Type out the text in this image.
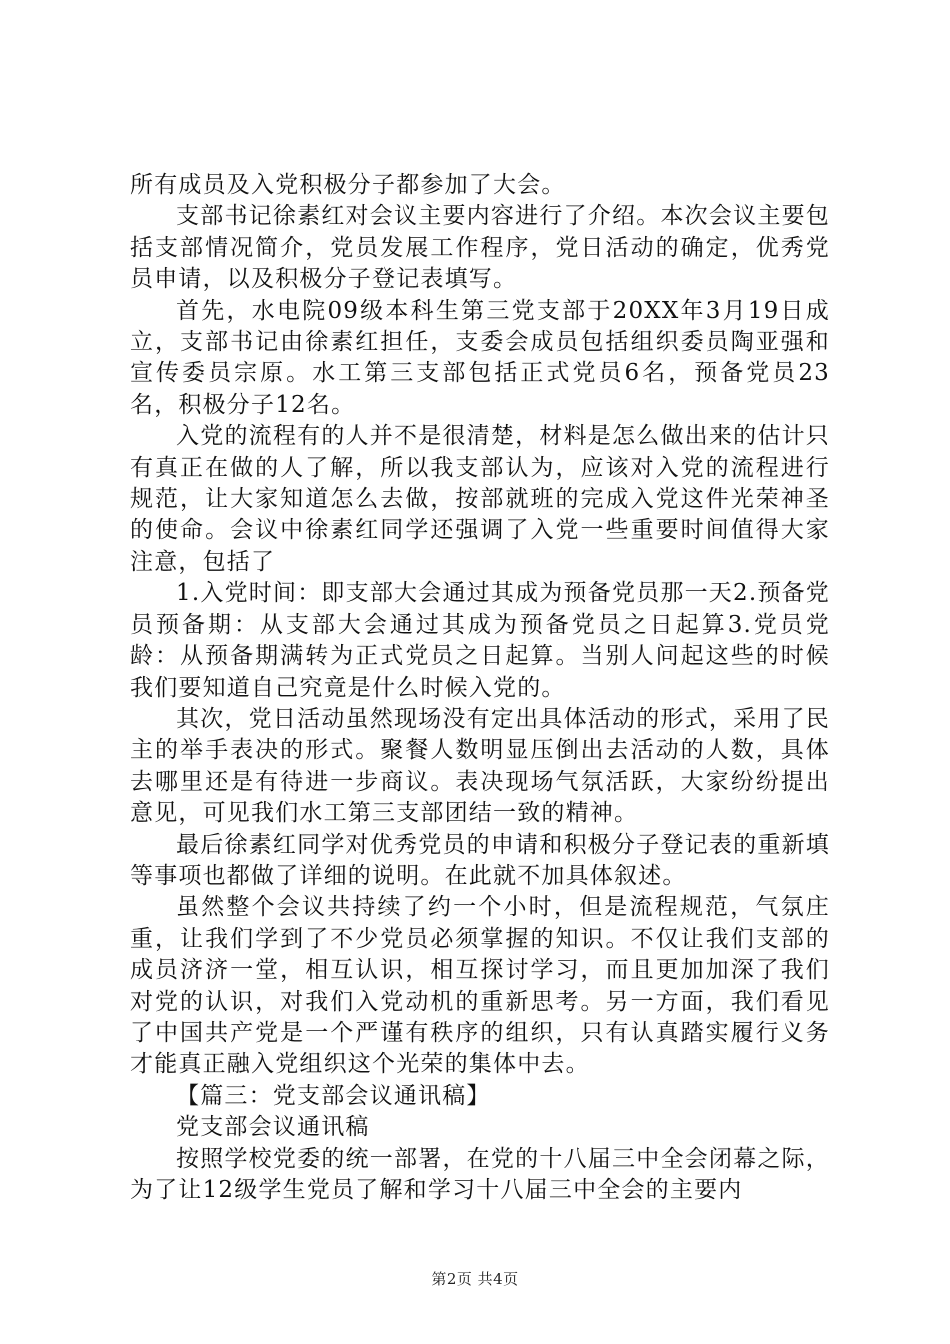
所有成员及入党积极分子都参加了大会。

支部书记徐素红对会议主要内容进行了介绍。本次会议主要包括支部情况简介，党员发展工作程序，党日活动的确定，优秀党员申请，以及积极分子登记表填写。

首先，水电院09级本科生第三党支部于20XX年3月19日成立，支部书记由徐素红担任，支委会成员包括组织委员陶亚强和宣传委员宗原。水工第三支部包括正式党员6名，预备党员23名，积极分子12名。

入党的流程有的人并不是很清楚，材料是怎么做出来的估计只有真正在做的人了解，所以我支部认为，应该对入党的流程进行规范，让大家知道怎么去做，按部就班的完成入党这件光荣神圣的使命。会议中徐素红同学还强调了入党一些重要时间值得大家注意，包括了

1.入党时间：即支部大会通过其成为预备党员那一天2.预备党员预备期：从支部大会通过其成为预备党员之日起算3.党员党龄：从预备期满转为正式党员之日起算。当别人问起这些的时候我们要知道自己究竟是什么时候入党的。

其次，党日活动虽然现场没有定出具体活动的形式，采用了民主的举手表决的形式。聚餐人数明显压倒出去活动的人数，具体去哪里还是有待进一步商议。表决现场气氛活跃，大家纷纷提出意见，可见我们水工第三支部团结一致的精神。

最后徐素红同学对优秀党员的申请和积极分子登记表的重新填等事项也都做了详细的说明。在此就不加具体叙述。

虽然整个会议共持续了约一个小时，但是流程规范，气氛庄重，让我们学到了不少党员必须掌握的知识。不仅让我们支部的成员济济一堂，相互认识，相互探讨学习，而且更加加深了我们对党的认识，对我们入党动机的重新思考。另一方面，我们看见了中国共产党是一个严谨有秩序的组织，只有认真踏实履行义务才能真正融入党组织这个光荣的集体中去。

【篇三：党支部会议通讯稿】

党支部会议通讯稿

按照学校党委的统一部署，在党的十八届三中全会闭幕之际，为了让12级学生党员了解和学习十八届三中全会的主要内

第2页 共4页
